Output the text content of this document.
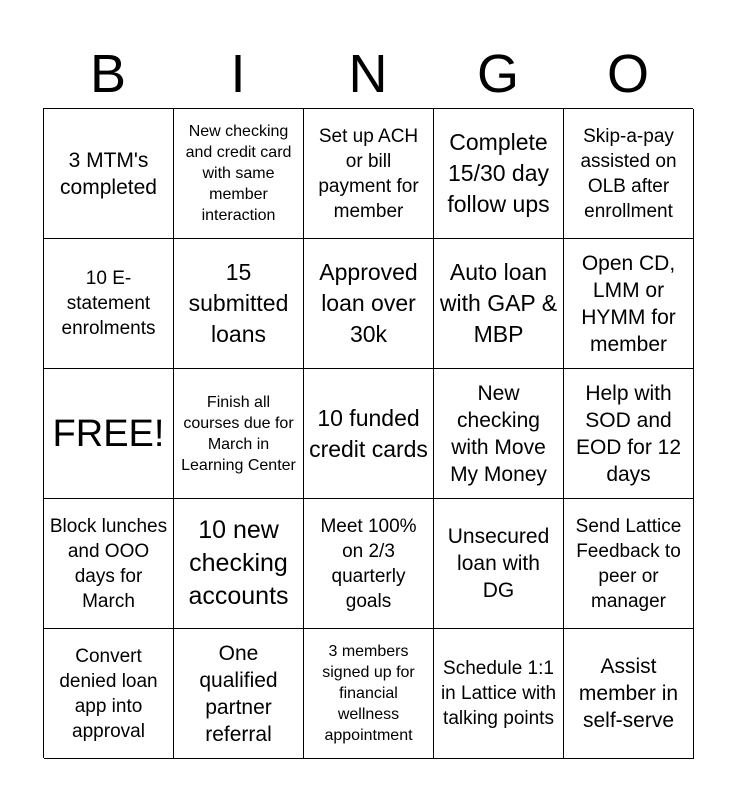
B	I	N	G	O
3 MTM's completed
New checking and credit card with same member interaction
Set up ACH or bill payment for member
Complete 15/30 day follow ups
Skip-a-pay assisted on OLB after enrollment
10 E-statement enrolments
15 submitted loans
Approved loan over 30k
Auto loan with GAP & MBP
Open CD, LMM or HYMM for member
FREE!
Finish all courses due for March in Learning Center
10 funded credit cards
New checking with Move My Money
Help with SOD and EOD for 12 days
Block lunches and OOO days for March
10 new checking accounts
Meet 100% on 2/3 quarterly goals
Unsecured loan with DG
Send Lattice Feedback to peer or manager
Convert denied loan app into approval
One qualified partner referral
3 members signed up for financial wellness appointment
Schedule 1:1 in Lattice with talking points
Assist member in self-serve
